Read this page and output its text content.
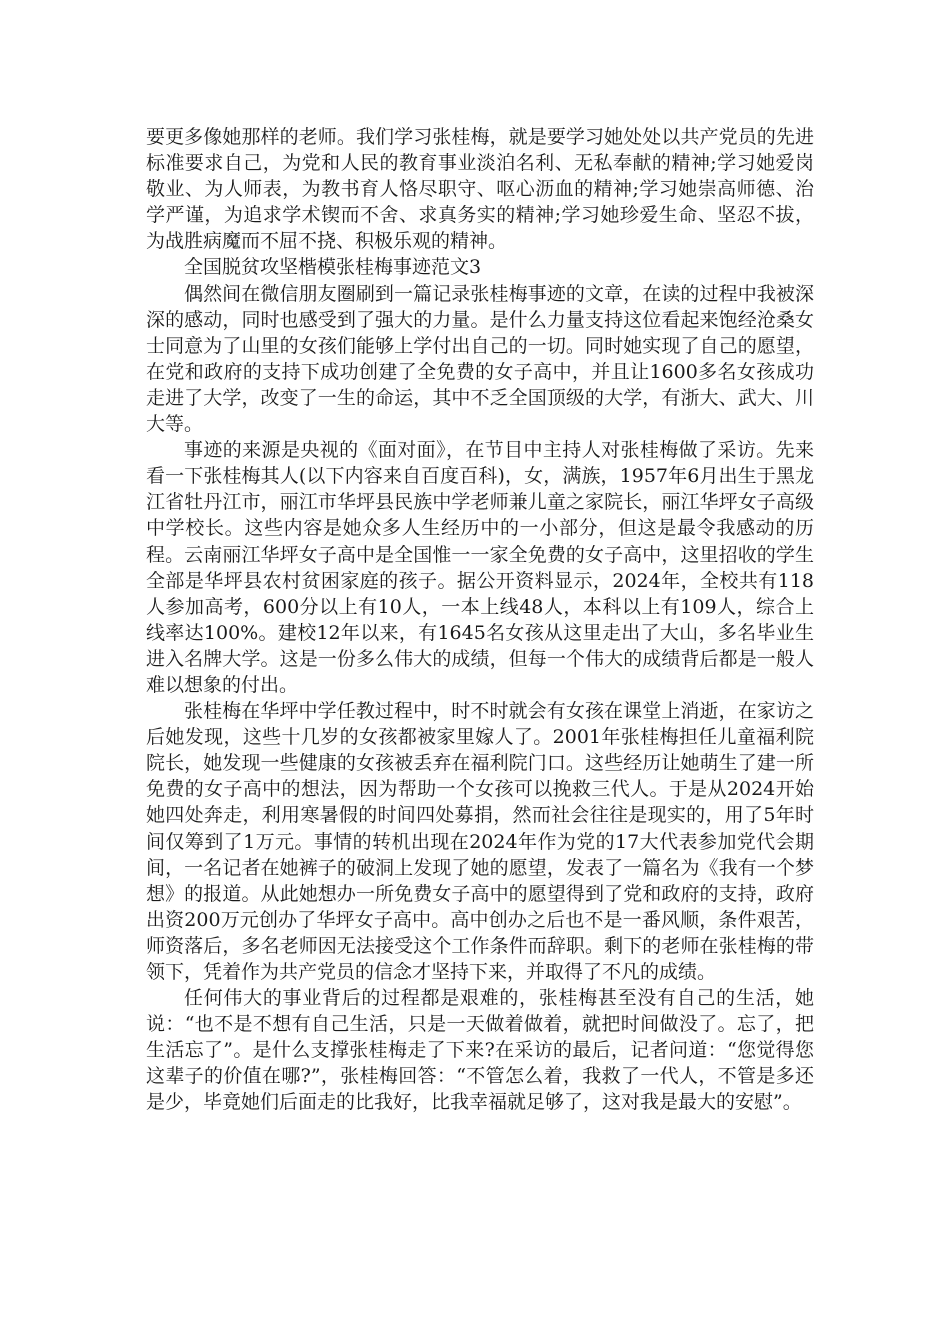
要更多像她那样的老师。我们学习张桂梅，就是要学习她处处以共产党员的先进标准要求自己，为党和人民的教育事业淡泊名利、无私奉献的精神;学习她爱岗敬业、为人师表，为教书育人恪尽职守、呕心沥血的精神;学习她崇高师德、治学严谨，为追求学术锲而不舍、求真务实的精神;学习她珍爱生命、坚忍不拔，为战胜病魔而不屈不挠、积极乐观的精神。

全国脱贫攻坚楷模张桂梅事迹范文3

偶然间在微信朋友圈刷到一篇记录张桂梅事迹的文章，在读的过程中我被深深的感动，同时也感受到了强大的力量。是什么力量支持这位看起来饱经沧桑女士同意为了山里的女孩们能够上学付出自己的一切。同时她实现了自己的愿望，在党和政府的支持下成功创建了全免费的女子高中，并且让1600多名女孩成功走进了大学，改变了一生的命运，其中不乏全国顶级的大学，有浙大、武大、川大等。

事迹的来源是央视的《面对面》，在节目中主持人对张桂梅做了采访。先来看一下张桂梅其人(以下内容来自百度百科)，女，满族，1957年6月出生于黑龙江省牡丹江市，丽江市华坪县民族中学老师兼儿童之家院长，丽江华坪女子高级中学校长。这些内容是她众多人生经历中的一小部分，但这是最令我感动的历程。云南丽江华坪女子高中是全国惟一一家全免费的女子高中，这里招收的学生全部是华坪县农村贫困家庭的孩子。据公开资料显示，2024年，全校共有118人参加高考，600分以上有10人，一本上线48人，本科以上有109人，综合上线率达100%。建校12年以来，有1645名女孩从这里走出了大山，多名毕业生进入名牌大学。这是一份多么伟大的成绩，但每一个伟大的成绩背后都是一般人难以想象的付出。

张桂梅在华坪中学任教过程中，时不时就会有女孩在课堂上消逝，在家访之后她发现，这些十几岁的女孩都被家里嫁人了。2001年张桂梅担任儿童福利院院长，她发现一些健康的女孩被丢弃在福利院门口。这些经历让她萌生了建一所免费的女子高中的想法，因为帮助一个女孩可以挽救三代人。于是从2024开始她四处奔走，利用寒暑假的时间四处募捐，然而社会往往是现实的，用了5年时间仅筹到了1万元。事情的转机出现在2024年作为党的17大代表参加党代会期间，一名记者在她裤子的破洞上发现了她的愿望，发表了一篇名为《我有一个梦想》的报道。从此她想办一所免费女子高中的愿望得到了党和政府的支持，政府出资200万元创办了华坪女子高中。高中创办之后也不是一番风顺，条件艰苦，师资落后，多名老师因无法接受这个工作条件而辞职。剩下的老师在张桂梅的带领下，凭着作为共产党员的信念才坚持下来，并取得了不凡的成绩。

任何伟大的事业背后的过程都是艰难的，张桂梅甚至没有自己的生活，她说：“也不是不想有自己生活，只是一天做着做着，就把时间做没了。忘了，把生活忘了”。是什么支撑张桂梅走了下来?在采访的最后，记者问道：“您觉得您这辈子的价值在哪?”，张桂梅回答：“不管怎么着，我救了一代人，不管是多还是少，毕竟她们后面走的比我好，比我幸福就足够了，这对我是最大的安慰”。
